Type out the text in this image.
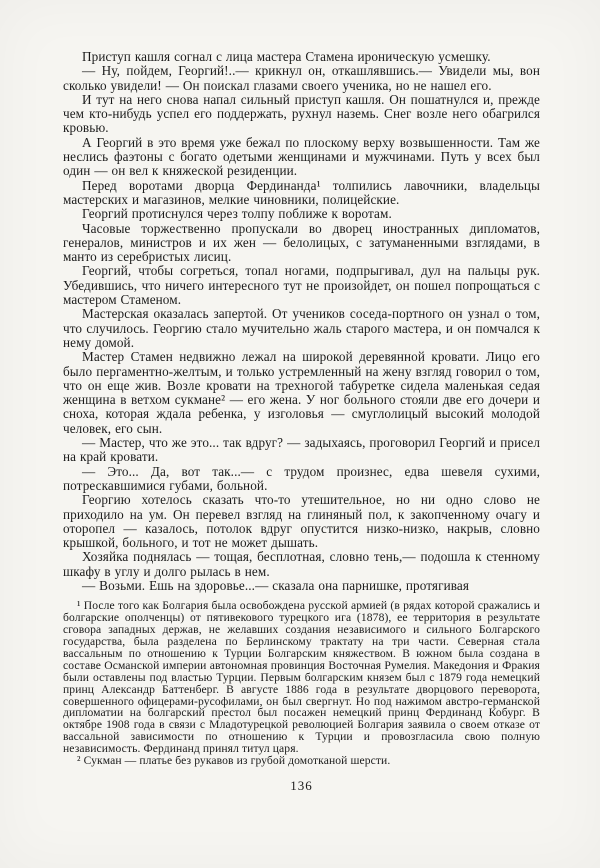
Приступ кашля согнал с лица мастера Стамена ироническую усмешку.

— Ну, пойдем, Георгий!..— крикнул он, откашлявшись.— Увидели мы, вон сколько увидели! — Он поискал глазами своего ученика, но не нашел его.

И тут на него снова напал сильный приступ кашля. Он пошатнулся и, прежде чем кто-нибудь успел его поддержать, рухнул наземь. Снег возле него обагрился кровью.

А Георгий в это время уже бежал по плоскому верху возвышенности. Там же неслись фаэтоны с богато одетыми женщинами и мужчинами. Путь у всех был один — он вел к княжеской резиденции.

Перед воротами дворца Фердинанда¹ толпились лавочники, владельцы мастерских и магазинов, мелкие чиновники, полицейские.

Георгий протиснулся через толпу поближе к воротам.

Часовые торжественно пропускали во дворец иностранных дипломатов, генералов, министров и их жен — белолицых, с затуманенными взглядами, в манто из серебристых лисиц.

Георгий, чтобы согреться, топал ногами, подпрыгивал, дул на пальцы рук. Убедившись, что ничего интересного тут не произойдет, он пошел попрощаться с мастером Стаменом.

Мастерская оказалась запертой. От учеников соседа-портного он узнал о том, что случилось. Георгию стало мучительно жаль старого мастера, и он помчался к нему домой.

Мастер Стамен недвижно лежал на широкой деревянной кровати. Лицо его было пергаментно-желтым, и только устремленный на жену взгляд говорил о том, что он еще жив. Возле кровати на трехногой табуретке сидела маленькая седая женщина в ветхом сукмане² — его жена. У ног больного стояли две его дочери и сноха, которая ждала ребенка, у изголовья — смуглолицый высокий молодой человек, его сын.

— Мастер, что же это... так вдруг? — задыхаясь, проговорил Георгий и присел на край кровати.

— Это... Да, вот так...— с трудом произнес, едва шевеля сухими, потрескавшимися губами, больной.

Георгию хотелось сказать что-то утешительное, но ни одно слово не приходило на ум. Он перевел взгляд на глиняный пол, к закопченному очагу и оторопел — казалось, потолок вдруг опустится низко-низко, накрыв, словно крышкой, больного, и тот не может дышать.

Хозяйка поднялась — тощая, бесплотная, словно тень,— подошла к стенному шкафу в углу и долго рылась в нем.

— Возьми. Ешь на здоровье...— сказала она парнишке, протягивая

¹ После того как Болгария была освобождена русской армией (в рядах которой сражались и болгарские ополченцы) от пятивекового турецкого ига (1878), ее территория в результате сговора западных держав, не желавших создания независимого и сильного Болгарского государства, была разделена по Берлинскому трактату на три части. Северная стала вассальным по отношению к Турции Болгарским княжеством. В южном была создана в составе Османской империи автономная провинция Восточная Румелия. Македония и Фракия были оставлены под властью Турции. Первым болгарским князем был с 1879 года немецкий принц Александр Баттенберг. В августе 1886 года в результате дворцового переворота, совершенного офицерами-русофилами, он был свергнут. Но под нажимом австро-германской дипломатии на болгарский престол был посажен немецкий принц Фердинанд Кобург. В октябре 1908 года в связи с Младотурецкой революцией Болгария заявила о своем отказе от вассальной зависимости по отношению к Турции и провозгласила свою полную независимость. Фердинанд принял титул царя.

² Сукман — платье без рукавов из грубой домотканой шерсти.

136
